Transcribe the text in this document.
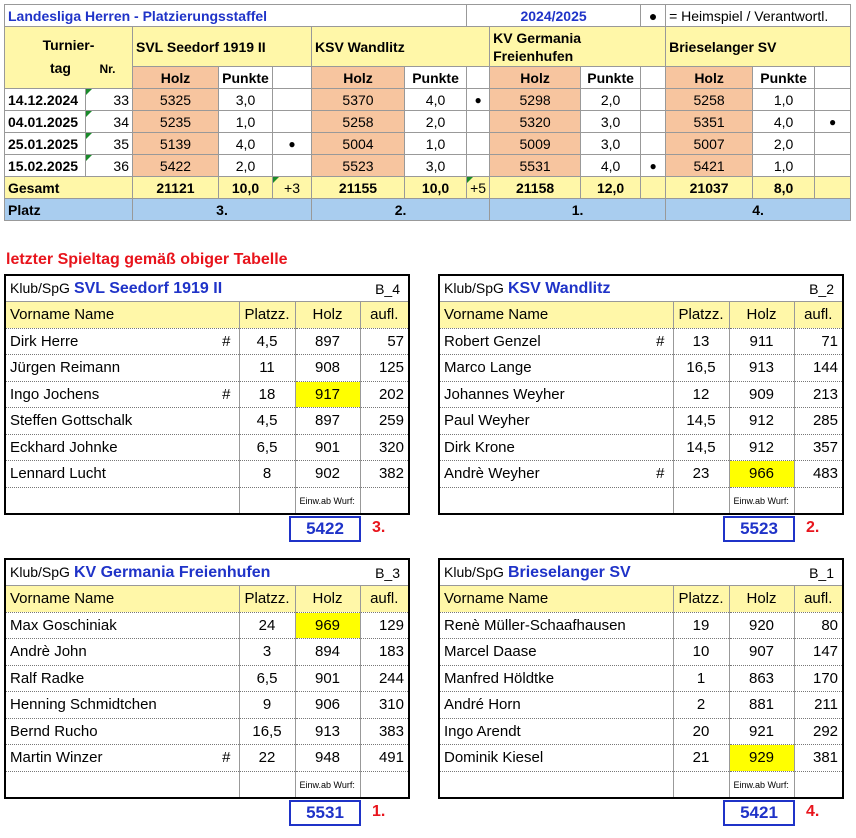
Landesliga Herren - Platzierungsstaffel							2024/2025			●	= Heimspiel / Verantwortl.		
Turnier-
tag Nr.		SVL Seedorf 1919 II			KSV Wandlitz			KV Germania Freienhufen			Brieselanger SV		
		Holz	Punkte		Holz	Punkte		Holz	Punkte		Holz	Punkte	
14.12.2024	33	5325	3,0		5370	4,0	●	5298	2,0		5258	1,0	
04.01.2025	34	5235	1,0		5258	2,0		5320	3,0		5351	4,0	●
25.01.2025	35	5139	4,0	●	5004	1,0		5009	3,0		5007	2,0	
15.02.2025	36	5422	2,0		5523	3,0		5531	4,0	●	5421	1,0	
Gesamt		21121	10,0	+3	21155	10,0	+5	21158	12,0		21037	8,0	
Platz		3.			2.			1.			4.		
letzter Spieltag gemäß obiger Tabelle
Klub/SpG SVL Seedorf 1919 II			B_4
Vorname Name	Platzz.	Holz	aufl.
Dirk Herre #	4,5	897	57
Jürgen Reimann	11	908	125
Ingo Jochens #	18	917	202
Steffen Gottschalk	4,5	897	259
Eckhard Johnke	6,5	901	320
Lennard Lucht	8	902	382
		Einw.ab Wurf:	
5422	3.
Klub/SpG KSV Wandlitz			B_2
Vorname Name	Platzz.	Holz	aufl.
Robert Genzel #	13	911	71
Marco Lange	16,5	913	144
Johannes Weyher	12	909	213
Paul Weyher	14,5	912	285
Dirk Krone	14,5	912	357
Andrè Weyher #	23	966	483
		Einw.ab Wurf:	
5523	2.
Klub/SpG KV Germania Freienhufen			B_3
Vorname Name	Platzz.	Holz	aufl.
Max Goschiniak	24	969	129
Andrè John	3	894	183
Ralf Radke	6,5	901	244
Henning Schmidtchen	9	906	310
Bernd Rucho	16,5	913	383
Martin Winzer #	22	948	491
		Einw.ab Wurf:	
5531	1.
Klub/SpG Brieselanger SV			B_1
Vorname Name	Platzz.	Holz	aufl.
Renè Müller-Schaafhausen	19	920	80
Marcel Daase	10	907	147
Manfred Höldtke	1	863	170
André Horn	2	881	211
Ingo Arendt	20	921	292
Dominik Kiesel	21	929	381
		Einw.ab Wurf:	
5421	4.
